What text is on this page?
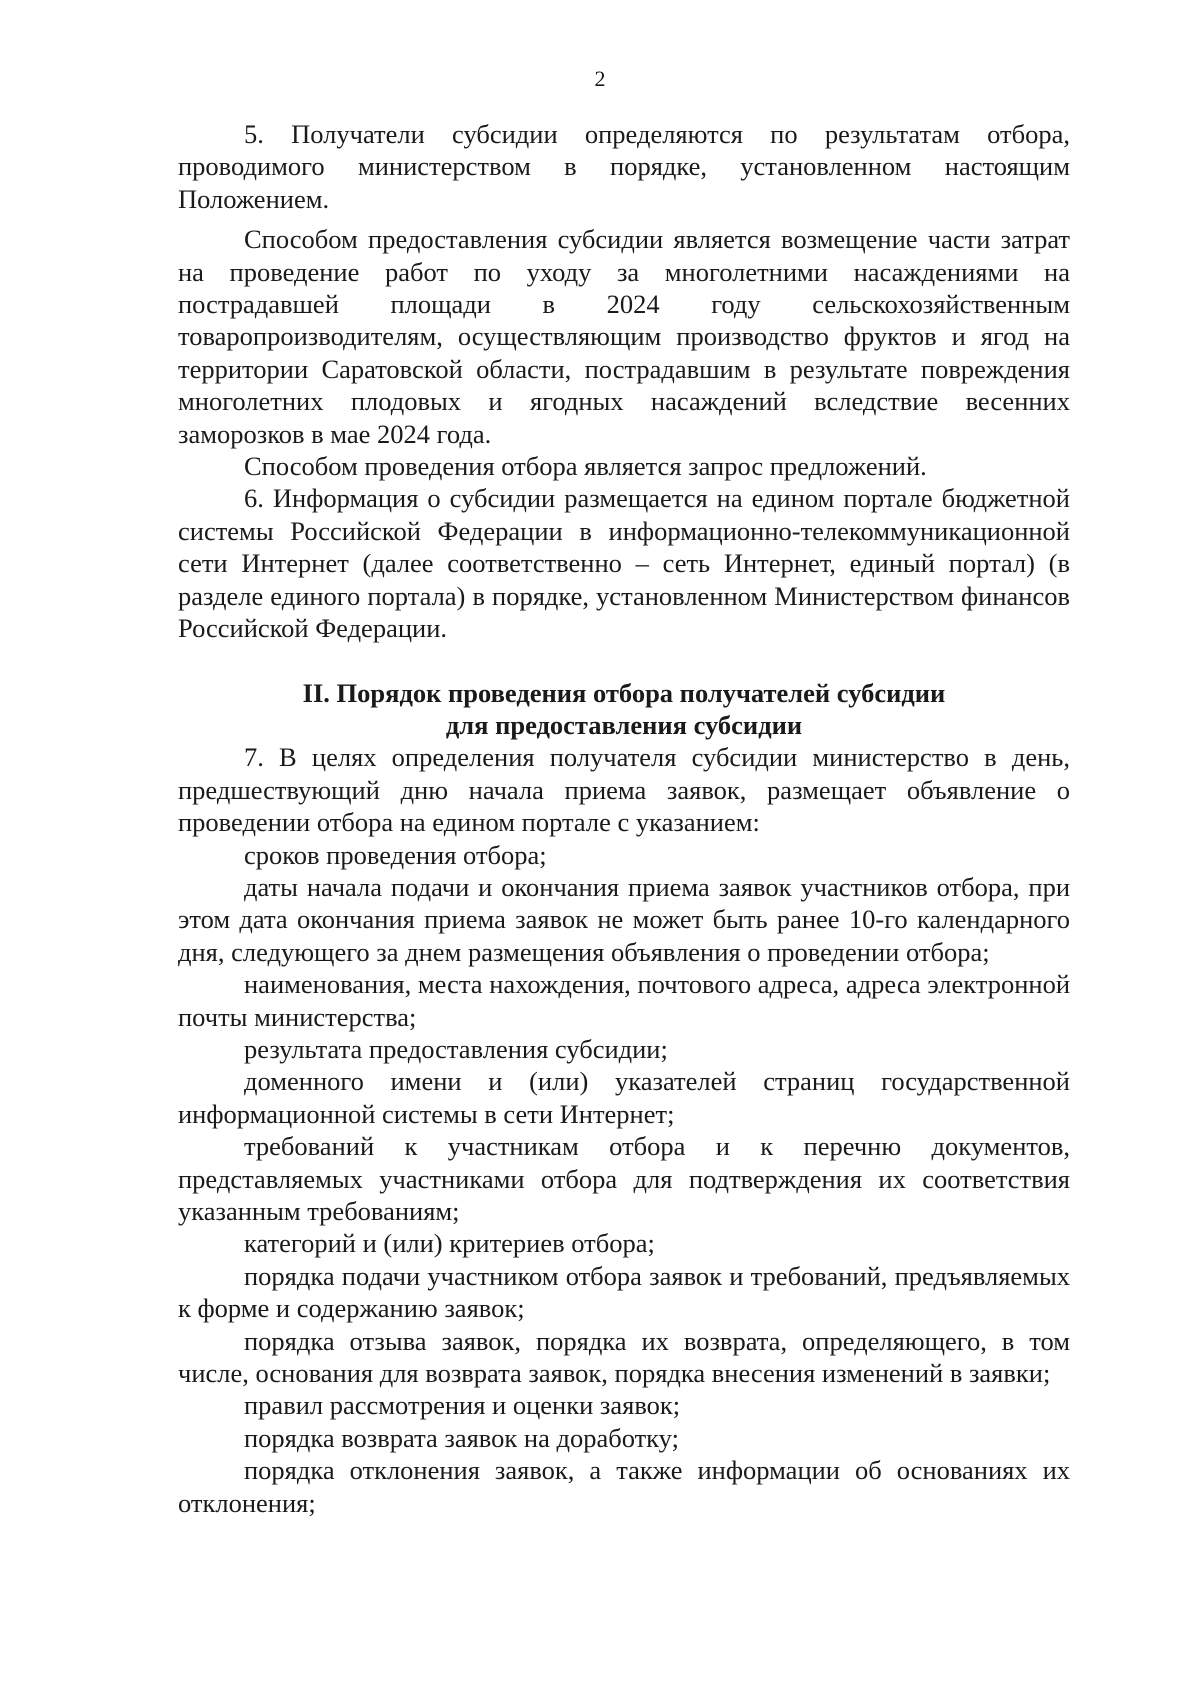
2

5. Получатели субсидии определяются по результатам отбора, проводимого министерством в порядке, установленном настоящим Положением.

Способом предоставления субсидии является возмещение части затрат на проведение работ по уходу за многолетними насаждениями на пострадавшей площади в 2024 году сельскохозяйственным товаропроизводителям, осуществляющим производство фруктов и ягод на территории Саратовской области, пострадавшим в результате повреждения многолетних плодовых и ягодных насаждений вследствие весенних заморозков в мае 2024 года.

Способом проведения отбора является запрос предложений.

6. Информация о субсидии размещается на едином портале бюджетной системы Российской Федерации в информационно-телекоммуникационной сети Интернет (далее соответственно – сеть Интернет, единый портал) (в разделе единого портала) в порядке, установленном Министерством финансов Российской Федерации.

II. Порядок проведения отбора получателей субсидии
для предоставления субсидии

7. В целях определения получателя субсидии министерство в день, предшествующий дню начала приема заявок, размещает объявление о проведении отбора на едином портале с указанием:

сроков проведения отбора;

даты начала подачи и окончания приема заявок участников отбора, при этом дата окончания приема заявок не может быть ранее 10-го календарного дня, следующего за днем размещения объявления о проведении отбора;

наименования, места нахождения, почтового адреса, адреса электронной почты министерства;

результата предоставления субсидии;

доменного имени и (или) указателей страниц государственной информационной системы в сети Интернет;

требований к участникам отбора и к перечню документов, представляемых участниками отбора для подтверждения их соответствия указанным требованиям;

категорий и (или) критериев отбора;

порядка подачи участником отбора заявок и требований, предъявляемых к форме и содержанию заявок;

порядка отзыва заявок, порядка их возврата, определяющего, в том числе, основания для возврата заявок, порядка внесения изменений в заявки;

правил рассмотрения и оценки заявок;

порядка возврата заявок на доработку;

порядка отклонения заявок, а также информации об основаниях их отклонения;
